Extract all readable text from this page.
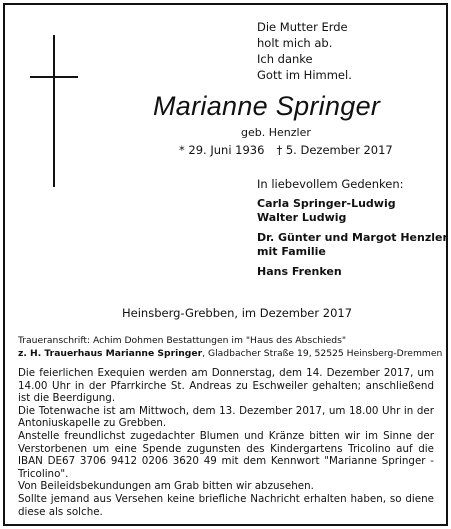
Die Mutter Erde
holt mich ab.
Ich danke
Gott im Himmel.
Marianne Springer
geb. Henzler
* 29. Juni 1936 † 5. Dezember 2017
In liebevollem Gedenken:
Carla Springer-Ludwig
Walter Ludwig
Dr. Günter und Margot Henzler
mit Familie
Hans Frenken
Heinsberg-Grebben, im Dezember 2017
Traueranschrift: Achim Dohmen Bestattungen im "Haus des Abschieds"
z. H. Trauerhaus Marianne Springer, Gladbacher Straße 19, 52525 Heinsberg-Dremmen

Die feierlichen Exequien werden am Donnerstag, dem 14. Dezember 2017, um 14.00 Uhr in der Pfarrkirche St. Andreas zu Eschweiler gehalten; anschließend ist die Beerdigung.

Die Totenwache ist am Mittwoch, dem 13. Dezember 2017, um 18.00 Uhr in der Antoniuskapelle zu Grebben.

Anstelle freundlichst zugedachter Blumen und Kränze bitten wir im Sinne der Verstorbenen um eine Spende zugunsten des Kindergartens Tricolino auf die IBAN DE67 3706 9412 0206 3620 49 mit dem Kennwort "Marianne Springer - Tricolino".

Von Beileidsbekundungen am Grab bitten wir abzusehen.

Sollte jemand aus Versehen keine briefliche Nachricht erhalten haben, so diene diese als solche.
